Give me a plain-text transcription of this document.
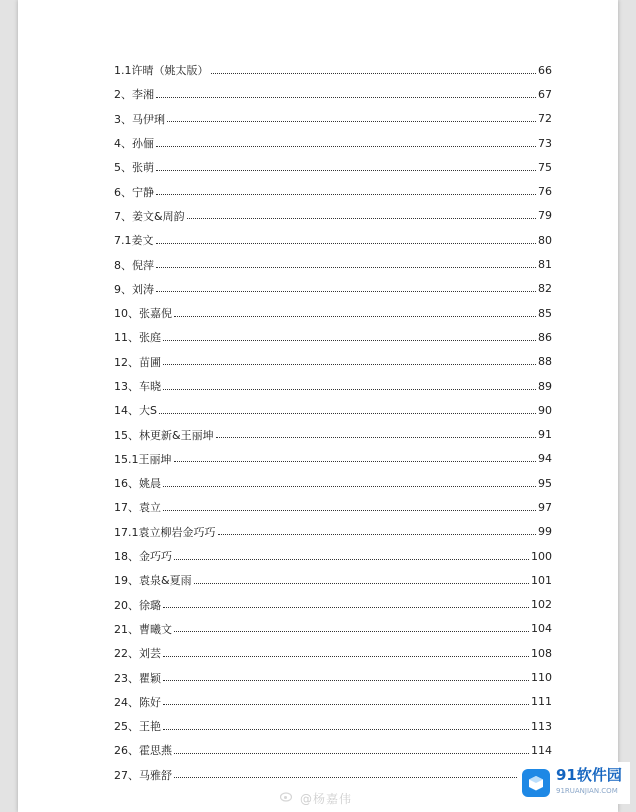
1.1许晴（姚太版）	66
2、李湘	67
3、马伊琍	72
4、孙俪	73
5、张萌	75
6、宁静	76
7、姜文&周韵	79
7.1姜文	80
8、倪萍	81
9、刘涛	82
10、张嘉倪	85
11、张庭	86
12、苗圃	88
13、车晓	89
14、大S	90
15、林更新&王丽坤	91
15.1王丽坤	94
16、姚晨	95
17、袁立	97
17.1袁立柳岩金巧巧	99
18、金巧巧	100
19、袁泉&夏雨	101
20、徐璐	102
21、曹曦文	104
22、刘芸	108
23、瞿颖	110
24、陈好	111
25、王艳	113
26、霍思燕	114
27、马雅舒
@杨嘉伟
91软件园
91RUANJIAN.COM
